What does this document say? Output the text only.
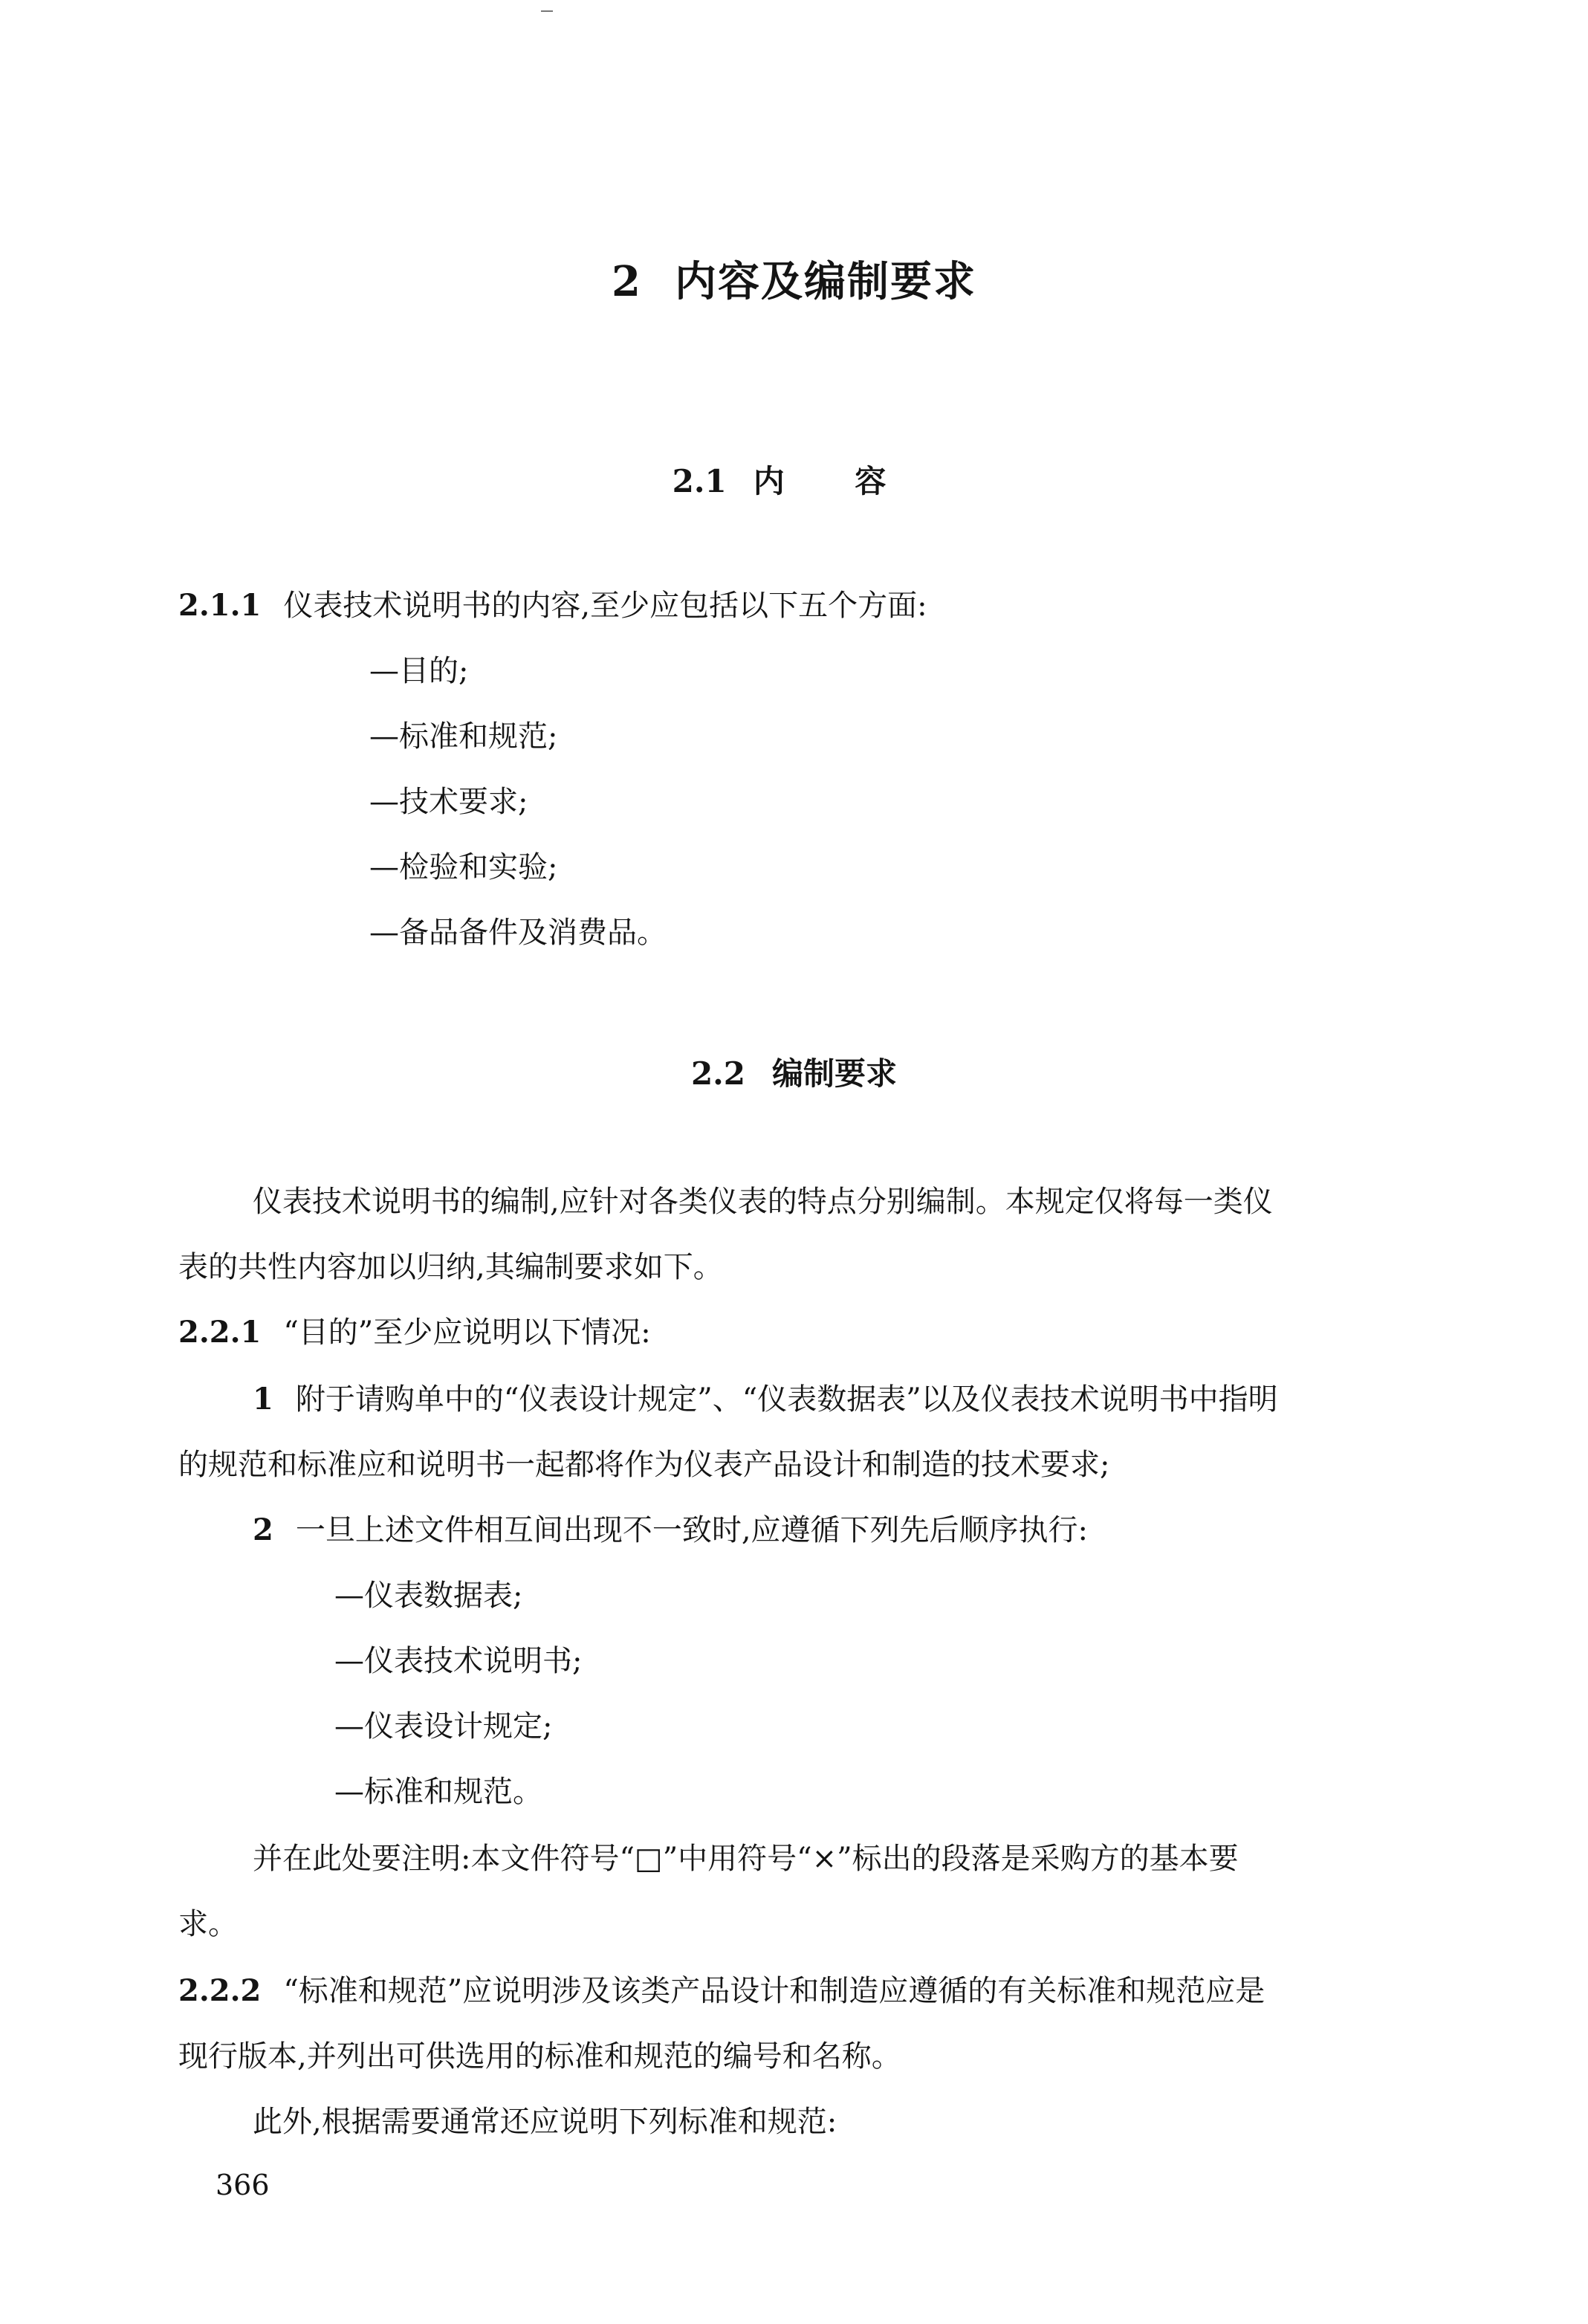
2 内容及编制要求
2.1 内 容
2.1.1 仪表技术说明书的内容,至少应包括以下五个方面:
—目的;
—标准和规范;
—技术要求;
—检验和实验;
—备品备件及消费品。
2.2 编制要求
仪表技术说明书的编制,应针对各类仪表的特点分别编制。本规定仅将每一类仪
表的共性内容加以归纳,其编制要求如下。
2.2.1 “目的”至少应说明以下情况:
1 附于请购单中的“仪表设计规定”、“仪表数据表”以及仪表技术说明书中指明
的规范和标准应和说明书一起都将作为仪表产品设计和制造的技术要求;
2 一旦上述文件相互间出现不一致时,应遵循下列先后顺序执行:
—仪表数据表;
—仪表技术说明书;
—仪表设计规定;
—标准和规范。
并在此处要注明:本文件符号“□”中用符号“×”标出的段落是采购方的基本要
求。
2.2.2 “标准和规范”应说明涉及该类产品设计和制造应遵循的有关标准和规范应是
现行版本,并列出可供选用的标准和规范的编号和名称。
此外,根据需要通常还应说明下列标准和规范:
366
